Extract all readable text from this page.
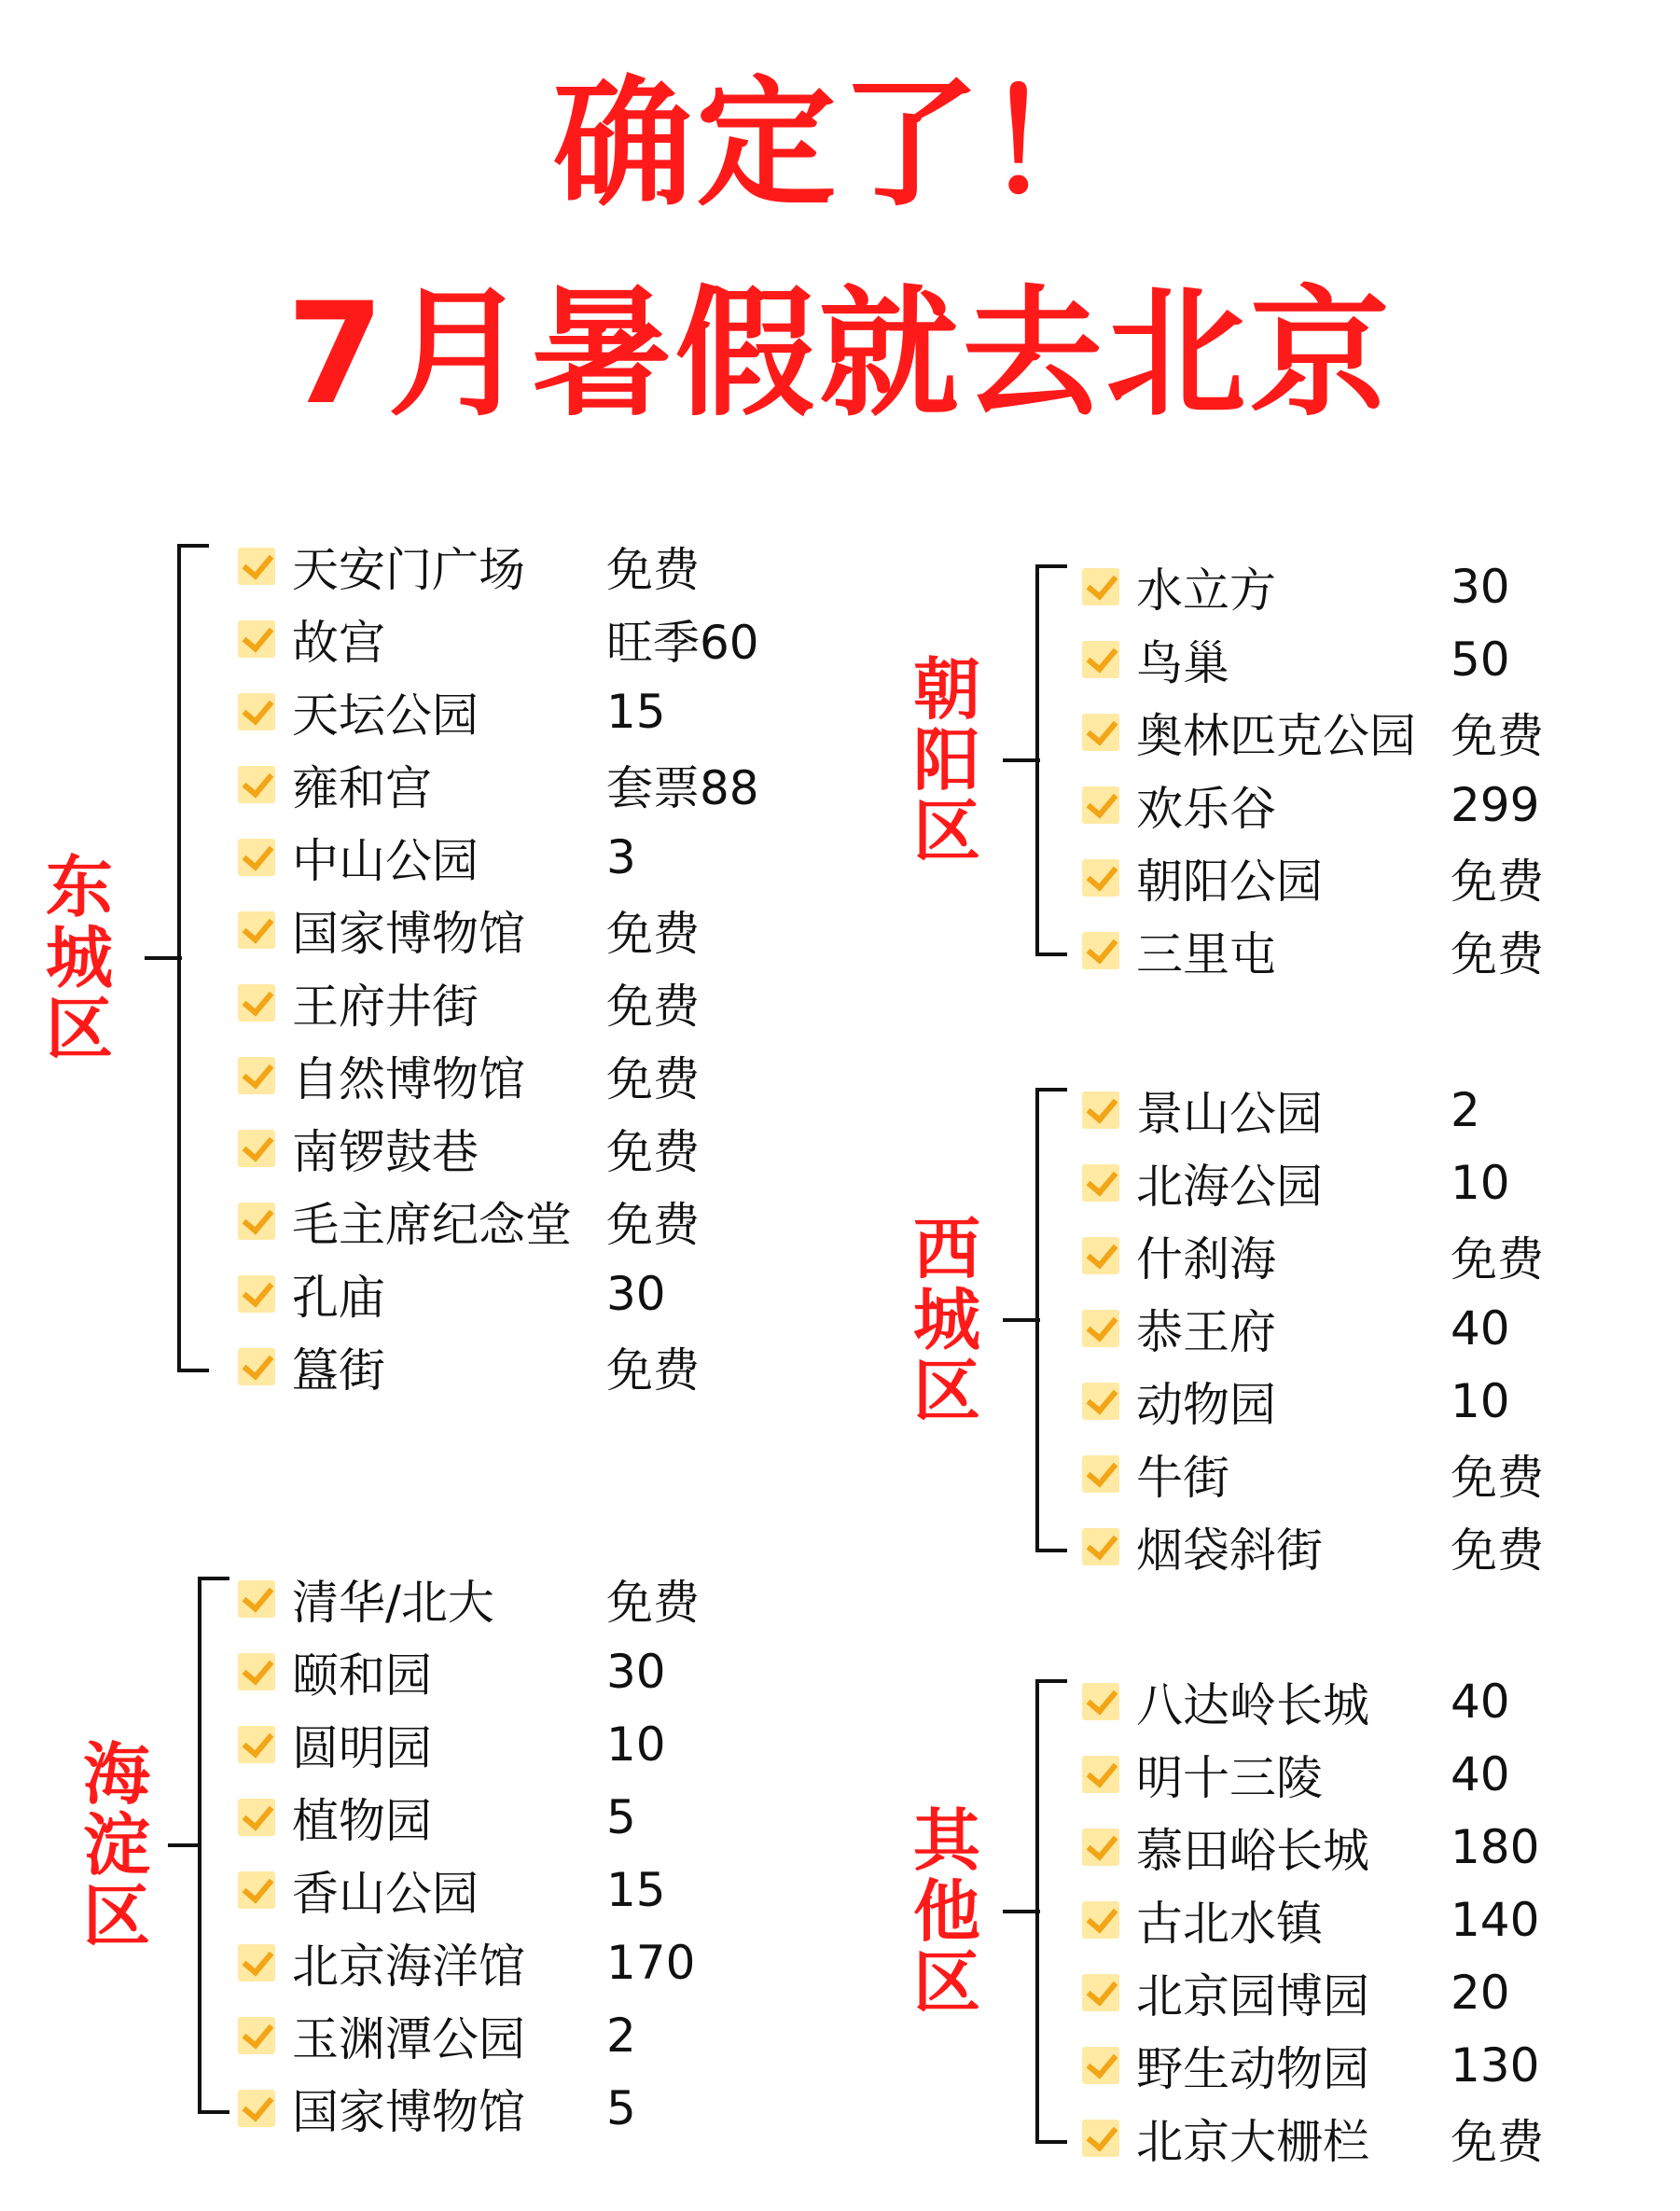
确定了！
7月暑假就去北京
东
城
区
天安门广场 免费
故宫	旺季60
天坛公园	15
雍和宫	套票88
中山公园	3
国家博物馆 免费
王府井街	免费
自然博物馆 免费
南锣鼓巷	免费
毛主席纪念堂 免费
孔庙	30
簋街	免费
海
淀
区
清华/北大 免费
颐和园	30
圆明园	10
植物园	5
香山公园	15
北京海洋馆 170
玉渊潭公园 2
国家博物馆 5
朝
阳
区
水立方	30
鸟巢	50
奥林匹克公园 免费
欢乐谷	299
朝阳公园	免费
三里屯	免费
西
城
区
景山公园	2
北海公园	10
什刹海	免费
恭王府	40
动物园	10
牛街	免费
烟袋斜街	免费
其
他
区
八达岭长城 40
明十三陵	40
慕田峪长城 180
古北水镇	140
北京园博园 20
野生动物园 130
北京大栅栏 免费
